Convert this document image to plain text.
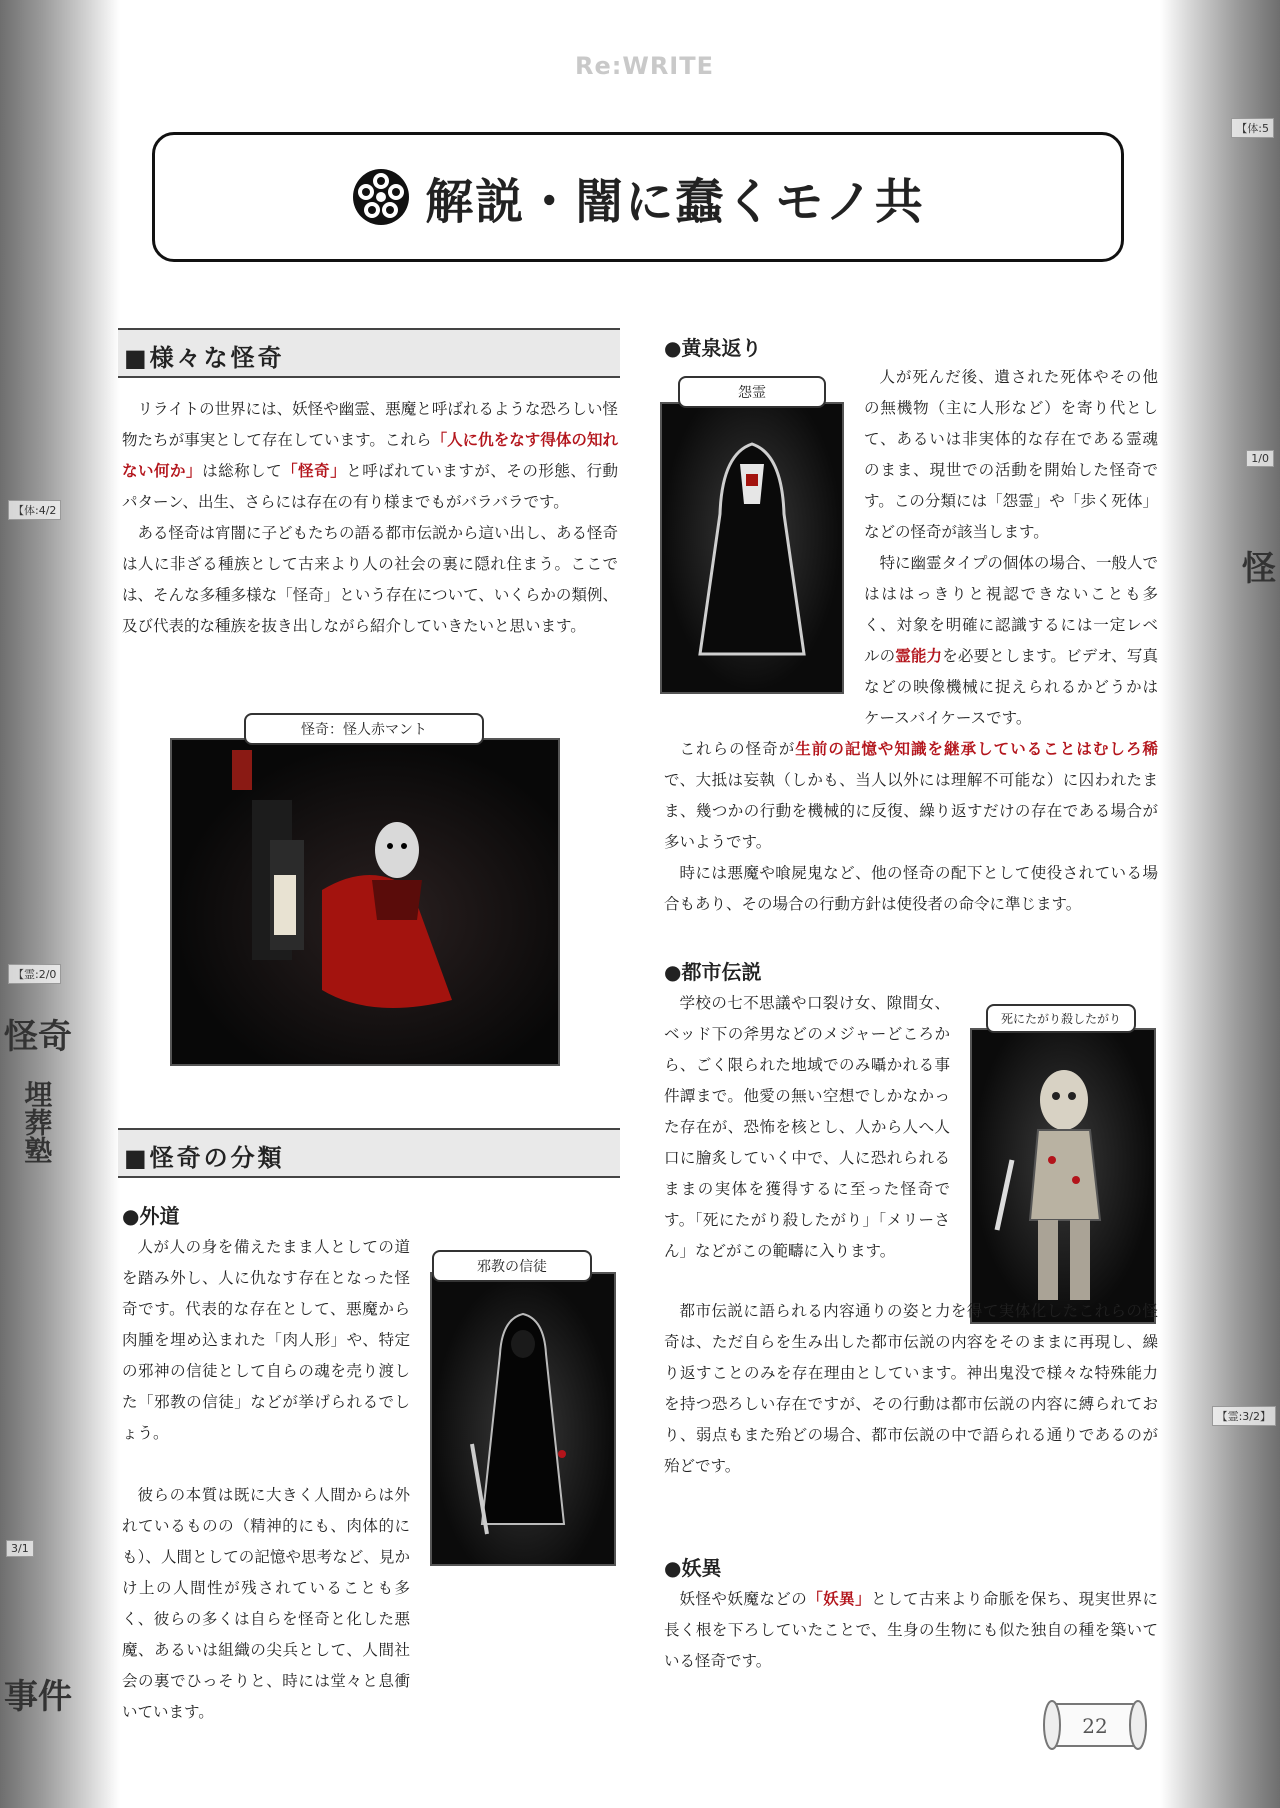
【体:4/2
【霊:2/0
怪奇
埋葬塾
3/1
事件
【体:5
1/0
怪
【霊:3/2】
Re:WRITE
解説・闇に蠢くモノ共
■様々な怪奇

リライトの世界には、妖怪や幽霊、悪魔と呼ばれるような恐ろしい怪物たちが事実として存在しています。これら「人に仇をなす得体の知れない何か」は総称して「怪奇」と呼ばれていますが、その形態、行動パターン、出生、さらには存在の有り様までもがバラバラです。

ある怪奇は宵闇に子どもたちの語る都市伝説から這い出し、ある怪奇は人に非ざる種族として古来より人の社会の裏に隠れ住まう。ここでは、そんな多種多様な「怪奇」という存在について、いくらかの類例、及び代表的な種族を抜き出しながら紹介していきたいと思います。

怪奇：怪人赤マント
■怪奇の分類
●外道

人が人の身を備えたまま人としての道を踏み外し、人に仇なす存在となった怪奇です。代表的な存在として、悪魔から肉腫を埋め込まれた「肉人形」や、特定の邪神の信徒として自らの魂を売り渡した「邪教の信徒」などが挙げられるでしょう。

彼らの本質は既に大きく人間からは外れているものの（精神的にも、肉体的にも）、人間としての記憶や思考など、見かけ上の人間性が残されていることも多く、彼らの多くは自らを怪奇と化した悪魔、あるいは組織の尖兵として、人間社会の裏でひっそりと、時には堂々と息衝いています。

邪教の信徒
●黄泉返り
怨霊

人が死んだ後、遺された死体やその他の無機物（主に人形など）を寄り代として、あるいは非実体的な存在である霊魂のまま、現世での活動を開始した怪奇です。この分類には「怨霊」や「歩く死体」などの怪奇が該当します。

特に幽霊タイプの個体の場合、一般人ではははっきりと視認できないことも多く、対象を明確に認識するには一定レベルの霊能力を必要とします。ビデオ、写真などの映像機械に捉えられるかどうかはケースバイケースです。

これらの怪奇が生前の記憶や知識を継承していることはむしろ稀で、大抵は妄執（しかも、当人以外には理解不可能な）に囚われたまま、幾つかの行動を機械的に反復、繰り返すだけの存在である場合が多いようです。

時には悪魔や喰屍鬼など、他の怪奇の配下として使役されている場合もあり、その場合の行動方針は使役者の命令に準じます。

●都市伝説

学校の七不思議や口裂け女、隙間女、ベッド下の斧男などのメジャーどころから、ごく限られた地域でのみ囁かれる事件譚まで。他愛の無い空想でしかなかった存在が、恐怖を核とし、人から人へ人口に膾炙していく中で、人に恐れられるままの実体を獲得するに至った怪奇です。「死にたがり殺したがり」「メリーさん」などがこの範疇に入ります。

死にたがり殺したがり

都市伝説に語られる内容通りの姿と力を得て実体化したこれらの怪奇は、ただ自らを生み出した都市伝説の内容をそのままに再現し、繰り返すことのみを存在理由としています。神出鬼没で様々な特殊能力を持つ恐ろしい存在ですが、その行動は都市伝説の内容に縛られており、弱点もまた殆どの場合、都市伝説の中で語られる通りであるのが殆どです。

●妖異

妖怪や妖魔などの「妖異」として古来より命脈を保ち、現実世界に長く根を下ろしていたことで、生身の生物にも似た独自の種を築いている怪奇です。

22
